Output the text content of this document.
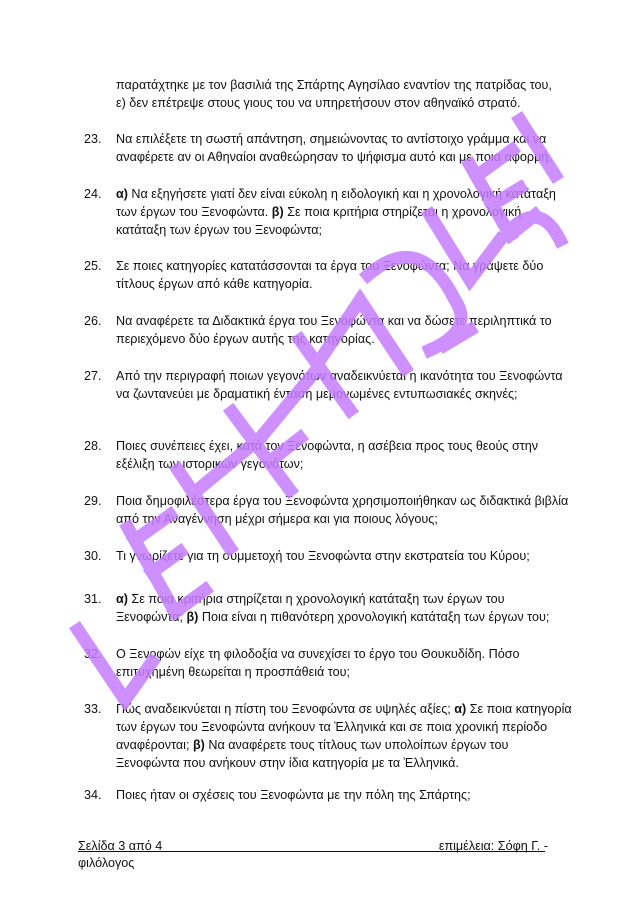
παρατάχτηκε με τον βασιλιά της Σπάρτης Αγησίλαο εναντίον της πατρίδας του,
ε) δεν επέτρεψε στους γιους του να υπηρετήσουν στον αθηναϊκό στρατό.

23.	Να επιλέξετε τη σωστή απάντηση, σημειώνοντας το αντίστοιχο γράμμα και να αναφέρετε αν οι Αθηναίοι αναθεώρησαν το ψήφισμα αυτό και με ποια αφορμή.
24.	α) Να εξηγήσετε γιατί δεν είναι εύκολη η ειδολογική και η χρονολογική κατάταξη των έργων του Ξενοφώντα. β) Σε ποια κριτήρια στηρίζεται η χρονολογική κατάταξη των έργων του Ξενοφώντα;
25.	Σε ποιες κατηγορίες κατατάσσονται τα έργα του Ξενοφώντα; Να γράψετε δύο τίτλους έργων από κάθε κατηγορία.
26.	Να αναφέρετε τα Διδακτικά έργα του Ξενοφώντα και να δώσετε περιληπτικά το περιεχόμενο δύο έργων αυτής της κατηγορίας.
27.	Από την περιγραφή ποιων γεγονότων αναδεικνύεται η ικανότητα του Ξενοφώντα να ζωντανεύει με δραματική ένταση μεμονωμένες εντυπωσιακές σκηνές;
28.	Ποιες συνέπειες έχει, κατά τον Ξενοφώντα, η ασέβεια προς τους θεούς στην εξέλιξη των ιστορικών γεγονότων;
29.	Ποια δημοφιλέστερα έργα του Ξενοφώντα χρησιμοποιήθηκαν ως διδακτικά βιβλία από την Αναγέννηση μέχρι σήμερα και για ποιους λόγους;
30.	Τι γνωρίζετε για τη συμμετοχή του Ξενοφώντα στην εκστρατεία του Κύρου;
31.	α) Σε ποια κριτήρια στηρίζεται η χρονολογική κατάταξη των έργων του Ξενοφώντα; β) Ποια είναι η πιθανότερη χρονολογική κατάταξη των έργων του;
32.	Ο Ξενοφών είχε τη φιλοδοξία να συνεχίσει το έργο του Θουκυδίδη. Πόσο επιτυχημένη θεωρείται η προσπάθειά του;
33.	Πώς αναδεικνύεται η πίστη του Ξενοφώντα σε υψηλές αξίες; α) Σε ποια κατηγορία των έργων του Ξενοφώντα ανήκουν τα Ἑλληνικά και σε ποια χρονική περίοδο αναφέρονται; β) Να αναφέρετε τους τίτλους των υπολοίπων έργων του Ξενοφώντα που ανήκουν στην ίδια κατηγορία με τα Ἑλληνικά.
34.	Ποιες ήταν οι σχέσεις του Ξενοφώντα με την πόλη της Σπάρτης;
Σελίδα 3 από 4	επιμέλεια: Σόφη Γ. -
φιλόλογος
